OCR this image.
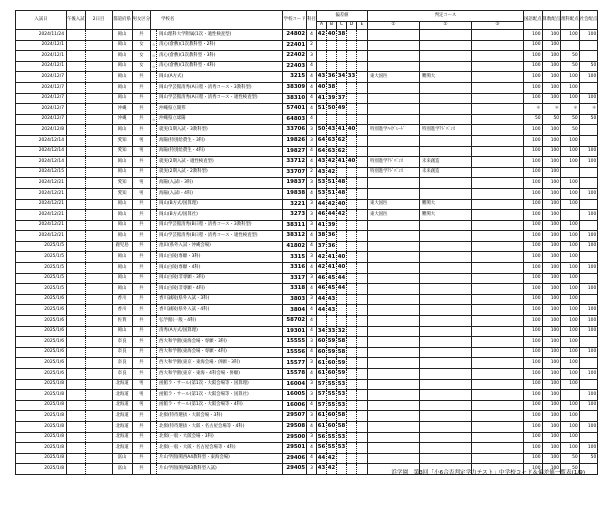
入試日	午後入試	2日目	都道府県	男女区分	学校名		学校コード	科目	偏差値					判定コース			国語配点	算数配点	理科配点	社会配点
									A	B	C	D	E	①	②	③				
2024/11/24			岡山	共		岡山理科大学附属(1次・適性検査型)	24802	4	42	40	38						100	100	100	100
2024/12/1			岡山	女	☆	清心(倉敷)(1次教科型・2科)	22401	2									100	100		
2024/12/1			岡山	女	☆	清心(倉敷)(1次教科型・3科)	22402	3									100	100	50	
2024/12/1			岡山	女	☆	清心(倉敷)(1次教科型・4科)	22403	4									100	100	50	50
2024/12/7			岡山	共		岡山(A方式)	3215	4	43	36	34	33		東大国医	難関大		100	100	100	100
2024/12/7			岡山	共		岡山学芸館清秀(A日程・清秀コース・3教科型)	38309	4	40	38							100	100	100	
2024/12/7			岡山	共		岡山学芸館清秀(A日程・清秀コース・適性検査型)	38310	4	41	39	37						100	100	100	100
2024/12/7			沖縄	共		沖縄県立開邦	57401	4	51	50	49						＊	＊	＊	＊
2024/12/7			沖縄	共	☆	沖縄県立球陽	64803	4									50	50	50	50
2024/12/8			岡山	共		就実(1期入試・3教科型)	33706	3	50	43	41	40		特別進学ﾊｲｸﾞﾚｰﾄﾞ	特別進学ｱﾄﾞﾊﾞﾝｽ		100	100	50	
2024/12/14			愛知	男		海陽(特別給費生・3科)	19826	3	64	63	62						100	100	100	
2024/12/14			愛知	男		海陽(特別給費生・4科)	19827	4	64	63	62						100	100	100	100
2024/12/14			岡山	共		就実(2期入試・適性検査型)	33712	4	43	42	41	40		特別進学ｱﾄﾞﾊﾞﾝｽ	未来創造		100	100	100	100
2024/12/15			岡山	共		就実(2期入試・2教科型)	33707	2	43	42				特別進学ｱﾄﾞﾊﾞﾝｽ	未来創造		100	100		
2024/12/21			愛知	男		海陽(入試Ⅰ・3科)	19837	3	53	51	48						100	100	100	
2024/12/21			愛知	男		海陽(入試Ⅰ・4科)	19838	4	53	51	48						100	100	100	100
2024/12/21			岡山	共		岡山(B方式/国算理)	3221	3	44	42	40			東大国医	難関大		100	100	100	
2024/12/21			岡山	共		岡山(B方式/国算社)	3273	3	46	44	42			東大国医	難関大		100	100		100
2024/12/21			岡山	共		岡山学芸館清秀(B日程・清秀コース・3教科型)	38311	3	41	39							100	100	100	
2024/12/21			岡山	共		岡山学芸館清秀(B日程・清秀コース・適性検査型)	38312	4	38	36							100	100	100	100
2025/1/5			鹿児島	共		池田(県外入試・沖縄会場)	41802	4	37	36							100	100	100	100
2025/1/5			岡山	共		岡山白陵(専願・3科)	3315	3	42	41	40						100	100	100	
2025/1/5			岡山	共		岡山白陵(専願・4科)	3316	4	42	41	40						100	100	100	100
2025/1/5			岡山	共		岡山白陵(非専願・3科)	3317	3	46	45	44						100	100	100	
2025/1/5			岡山	共		岡山白陵(非専願・4科)	3318	4	46	45	44						100	100	100	100
2025/1/6			香川	共		香川誠陵(県外入試・3科)	3803	3	44	43							100	100	100	
2025/1/6			香川	共		香川誠陵(県外入試・4科)	3804	4	44	43							100	100	100	100
2025/1/6			佐賀	共		弘学館(一般・4科)	58702	4									100	100	100	100
2025/1/6			岡山	共		清秀(A方式/国算理)	19301	4	34	33	32						100	100	100	100
2025/1/6			奈良	共		西大和学園(東海会場・専願・3科)	15555	3	60	59	58						100	100	100	
2025/1/6			奈良	共		西大和学園(東海会場・専願・4科)	15556	4	60	59	58						100	100	100	100
2025/1/6			奈良	共		西大和学園(東京・東海会場・併願・3科)	15577	3	61	60	59						100	100	100	
2025/1/6			奈良	共		西大和学園(東京・東海・4科会場・併願)	15578	4	61	60	59						100	100	100	100
2025/1/8			北海道	男		函館ラ・サール(第1次・大阪会場等・国算理)	16004	3	57	55	53						100	100	100	
2025/1/8			北海道	男		函館ラ・サール(第1次・大阪会場等・国算社)	16005	3	57	55	53						100	100		100
2025/1/8			北海道	男		函館ラ・サール(第1次・大阪会場等・4科)	16006	4	57	55	53						100	100	100	100
2025/1/8			北海道	共		北嶺(特待選抜・大阪会場・3科)	29507	3	61	60	58						100	100	100	
2025/1/8			北海道	共		北嶺(特待選抜・大阪・名古屋会場等・4科)	29508	4	61	60	58						100	100	100	100
2025/1/8			北海道	共		北嶺(一般・大阪会場・3科)	29500	3	56	55	53						100	100	100	
2025/1/8			北海道	共		北嶺(一般・大阪・名古屋会場等・4科)	29501	4	56	55	53						100	100	100	100
2025/1/8			富山	共		片山学園(関西A4教科型・東海会場)	29406	4	44	42							100	100	50	50
2025/1/8			富山	共		片山学園(関西B3教科型入試)	29405	3	43	42							100	100	50	
浜学園　第3回「小6合否判定学力テスト」中学校コード＆偏差値一覧表(1/9)
